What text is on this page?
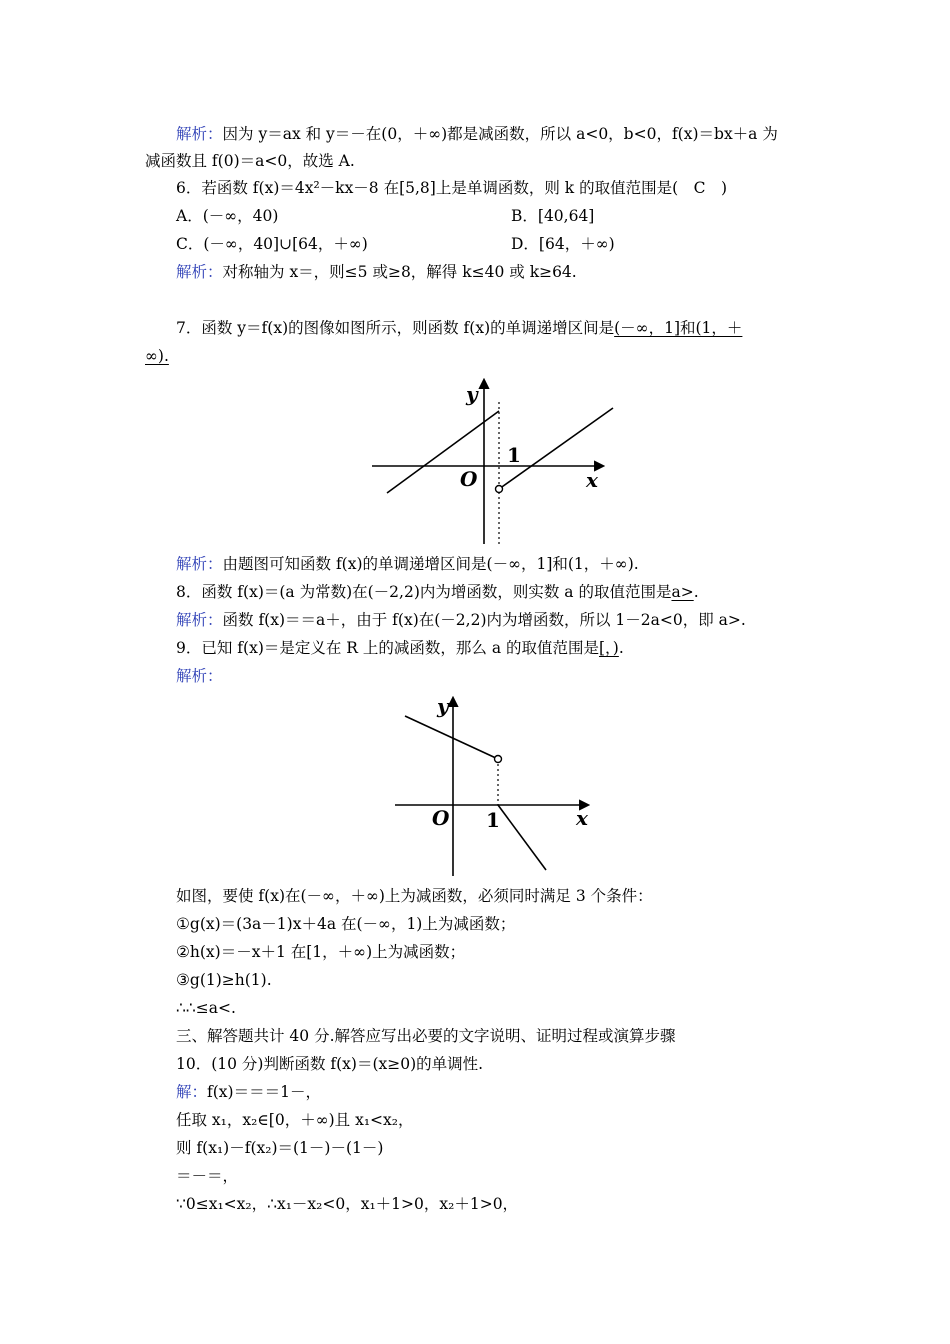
解析：因为 y＝ax 和 y＝－在(0，＋∞)都是减函数，所以 a<0，b<0，f(x)＝bx＋a 为
减函数且 f(0)＝a<0，故选 A.
6．若函数 f(x)＝4x²－kx－8 在[5,8]上是单调函数，则 k 的取值范围是(　C　)
A．(－∞，40)	B．[40,64]
C．(－∞，40]∪[64，＋∞)	D．[64，＋∞)
解析：对称轴为 x＝，则≤5 或≥8，解得 k≤40 或 k≥64.
7．函数 y＝f(x)的图像如图所示，则函数 f(x)的单调递增区间是(－∞，1]和(1，＋
∞).
y
x
O
1
解析：由题图可知函数 f(x)的单调递增区间是(－∞，1]和(1，＋∞).
8．函数 f(x)＝(a 为常数)在(－2,2)内为增函数，则实数 a 的取值范围是a>.
解析：函数 f(x)＝＝a＋，由于 f(x)在(－2,2)内为增函数，所以 1－2a<0，即 a>.
9．已知 f(x)＝是定义在 R 上的减函数，那么 a 的取值范围是[，).
解析：
y
x
O 1
如图，要使 f(x)在(－∞，＋∞)上为减函数，必须同时满足 3 个条件：
①g(x)＝(3a－1)x＋4a 在(－∞，1)上为减函数；
②h(x)＝－x＋1 在[1，＋∞)上为减函数；
③g(1)≥h(1).
∴∴≤a<.
三、解答题共计 40 分.解答应写出必要的文字说明、证明过程或演算步骤
10．(10 分)判断函数 f(x)＝(x≥0)的单调性.
解：f(x)＝＝＝1－，
任取 x₁，x₂∈[0，＋∞)且 x₁<x₂，
则 f(x₁)－f(x₂)＝(1－)－(1－)
＝－＝，
∵0≤x₁<x₂，∴x₁－x₂<0，x₁＋1>0，x₂＋1>0，
